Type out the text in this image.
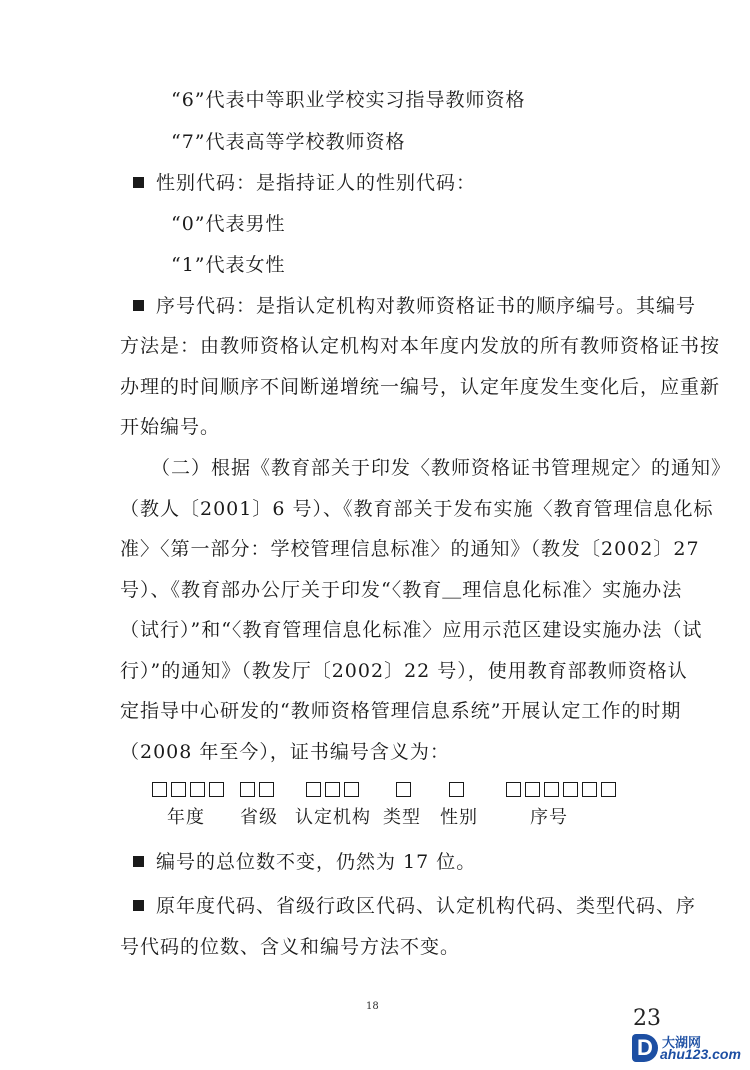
“6”代表中等职业学校实习指导教师资格
“7”代表高等学校教师资格
性别代码：是指持证人的性别代码：
“0”代表男性
“1”代表女性
序号代码：是指认定机构对教师资格证书的顺序编号。其编号
方法是：由教师资格认定机构对本年度内发放的所有教师资格证书按
办理的时间顺序不间断递增统一编号，认定年度发生变化后，应重新
开始编号。
（二）根据《教育部关于印发〈教师资格证书管理规定〉的通知》
（教人〔2001〕6 号）、《教育部关于发布实施〈教育管理信息化标
准〉〈第一部分：学校管理信息标准〉的通知》（教发〔2002〕27
号）、《教育部办公厅关于印发“〈教育＿理信息化标准〉实施办法
（试行）”和“〈教育管理信息化标准〉应用示范区建设实施办法（试
行）”的通知》（教发厅〔2002〕22 号），使用教育部教师资格认
定指导中心研发的“教师资格管理信息系统”开展认定工作的时期
（2008 年至今），证书编号含义为：
年度 省级 认定机构 类型 性别	序号
编号的总位数不变，仍然为 17 位。
原年度代码、省级行政区代码、认定机构代码、类型代码、序
号代码的位数、含义和编号方法不变。
18	23
D 大湖网
ahu123.com
